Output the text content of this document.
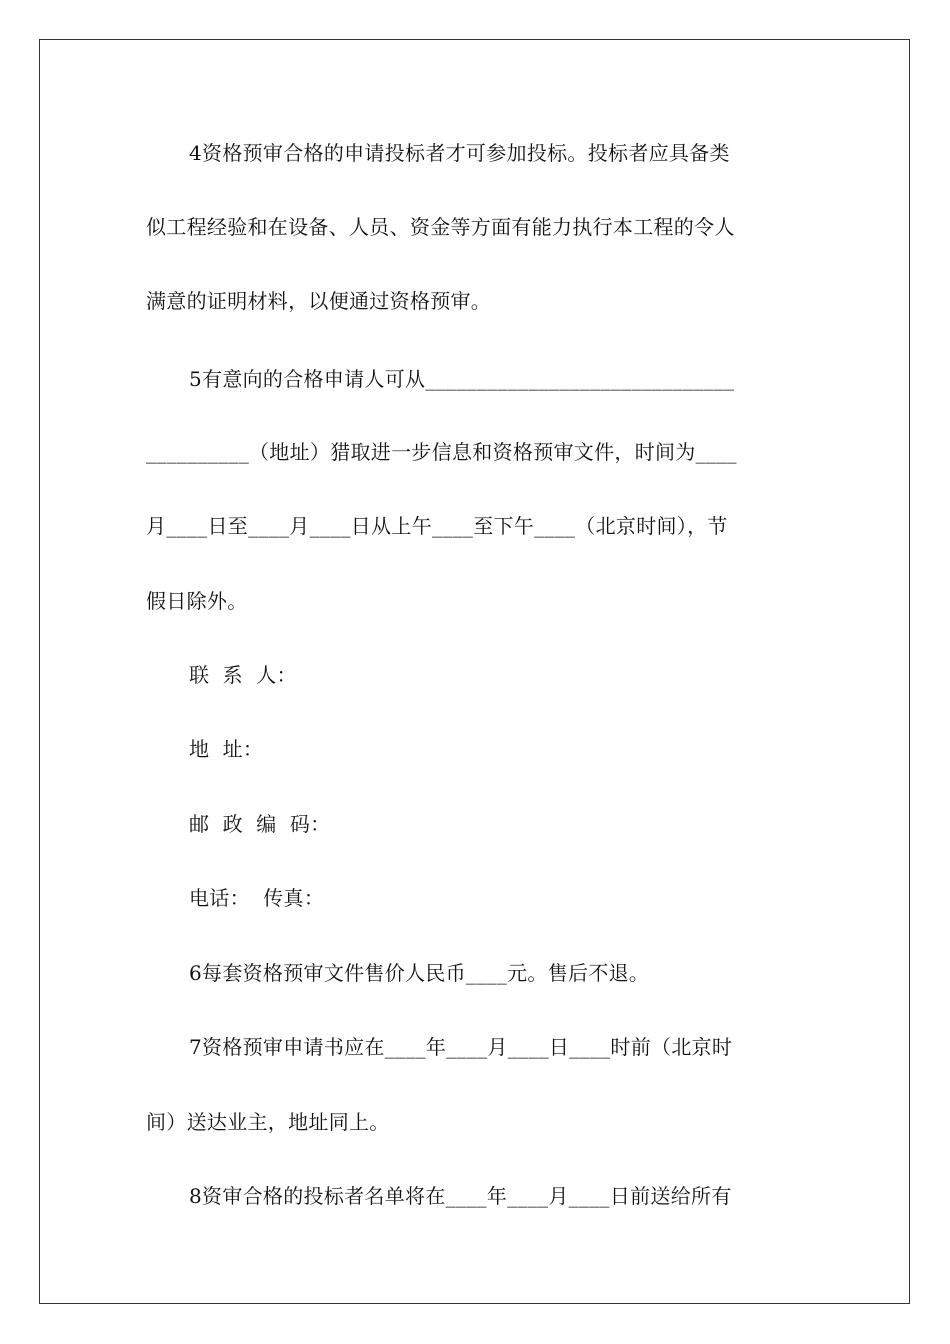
4资格预审合格的申请投标者才可参加投标。投标者应具备类
似工程经验和在设备、人员、资金等方面有能力执行本工程的令人
满意的证明材料，以便通过资格预审。
5有意向的合格申请人可从______________________________
__________（地址）猎取进一步信息和资格预审文件，时间为____
月____日至____月____日从上午____至下午____（北京时间），节
假日除外。
联  系  人：
地  址：
邮  政  编  码：
电话：  传真：
6每套资格预审文件售价人民币____元。售后不退。
7资格预审申请书应在____年____月____日____时前（北京时
间）送达业主，地址同上。
8资审合格的投标者名单将在____年____月____日前送给所有
